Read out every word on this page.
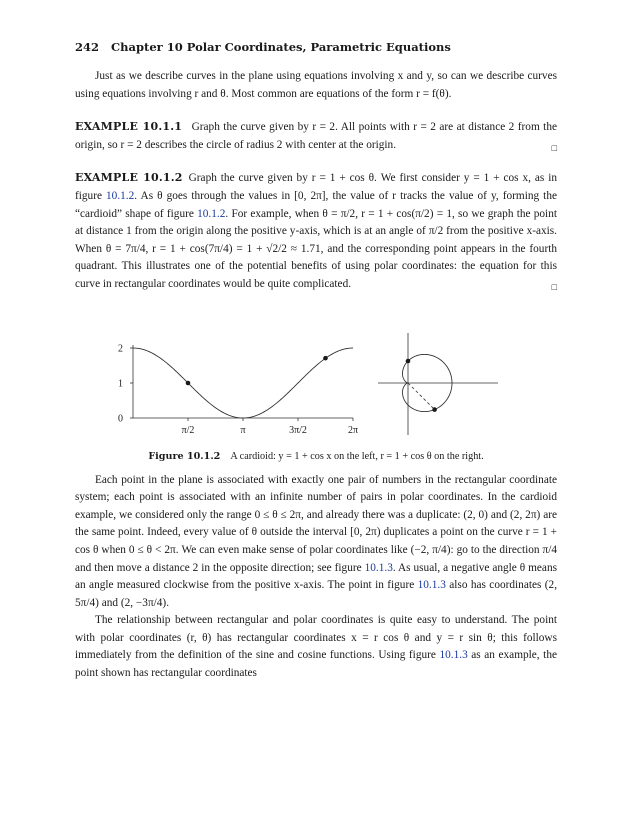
242 Chapter 10 Polar Coordinates, Parametric Equations

Just as we describe curves in the plane using equations involving x and y, so can we describe curves using equations involving r and θ. Most common are equations of the form r = f(θ).

EXAMPLE 10.1.1 Graph the curve given by r = 2. All points with r = 2 are at distance 2 from the origin, so r = 2 describes the circle of radius 2 with center at the origin.	□

EXAMPLE 10.1.2 Graph the curve given by r = 1 + cos θ. We first consider y = 1 + cos x, as in figure 10.1.2. As θ goes through the values in [0, 2π], the value of r tracks the value of y, forming the “cardioid” shape of figure 10.1.2. For example, when θ = π/2, r = 1 + cos(π/2) = 1, so we graph the point at distance 1 from the origin along the positive y-axis, which is at an angle of π/2 from the positive x-axis. When θ = 7π/4, r = 1 + cos(7π/4) = 1 + √2/2 ≈ 1.71, and the corresponding point appears in the fourth quadrant. This illustrates one of the potential benefits of using polar coordinates: the equation for this curve in rectangular coordinates would be quite complicated.	□

0
1
2
π/2	π	3π/2	2π
Figure 10.1.2 A cardioid: y = 1 + cos x on the left, r = 1 + cos θ on the right.

Each point in the plane is associated with exactly one pair of numbers in the rectangular coordinate system; each point is associated with an infinite number of pairs in polar coordinates. In the cardioid example, we considered only the range 0 ≤ θ ≤ 2π, and already there was a duplicate: (2, 0) and (2, 2π) are the same point. Indeed, every value of θ outside the interval [0, 2π) duplicates a point on the curve r = 1 + cos θ when 0 ≤ θ < 2π. We can even make sense of polar coordinates like (−2, π/4): go to the direction π/4 and then move a distance 2 in the opposite direction; see figure 10.1.3. As usual, a negative angle θ means an angle measured clockwise from the positive x-axis. The point in figure 10.1.3 also has coordinates (2, 5π/4) and (2, −3π/4).

The relationship between rectangular and polar coordinates is quite easy to understand. The point with polar coordinates (r, θ) has rectangular coordinates x = r cos θ and y = r sin θ; this follows immediately from the definition of the sine and cosine functions. Using figure 10.1.3 as an example, the point shown has rectangular coordinates
